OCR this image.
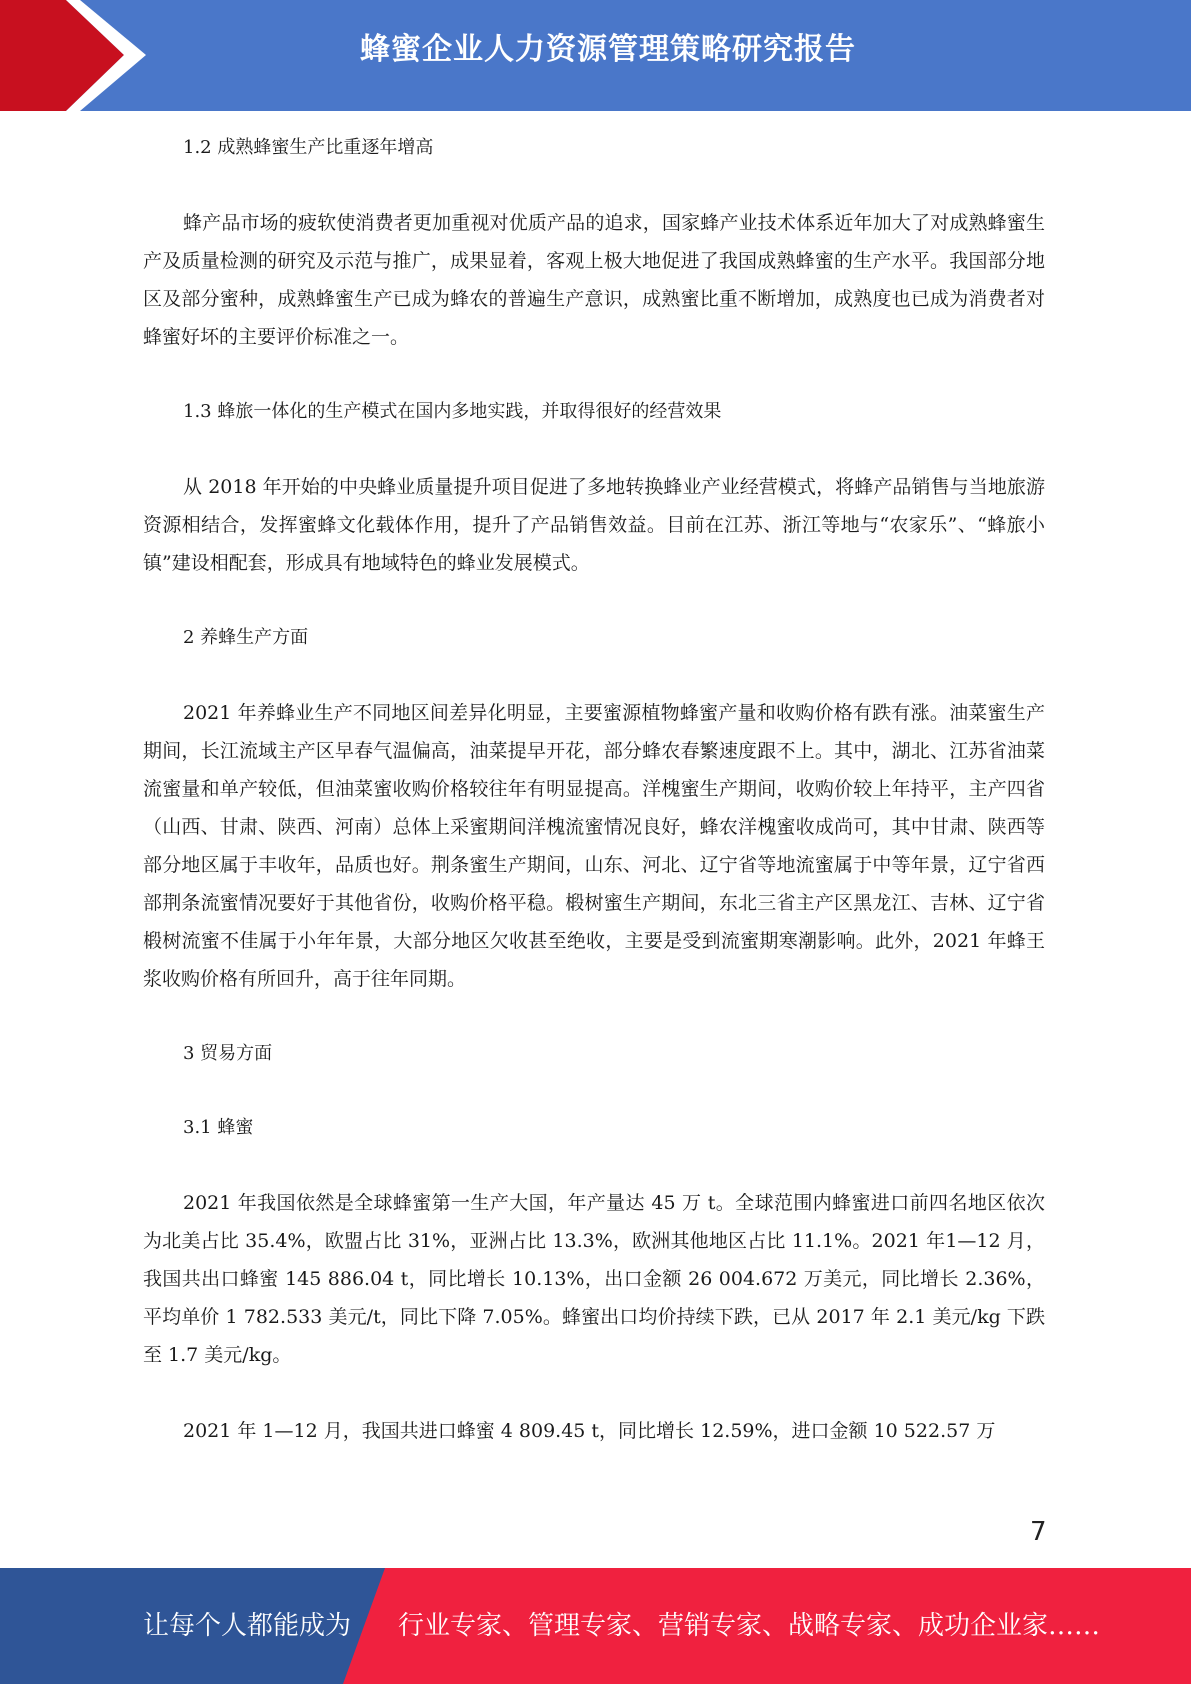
蜂蜜企业人力资源管理策略研究报告
1.2 成熟蜂蜜生产比重逐年增高

蜂产品市场的疲软使消费者更加重视对优质产品的追求，国家蜂产业技术体系近年加大了对成熟蜂蜜生产及质量检测的研究及示范与推广，成果显着，客观上极大地促进了我国成熟蜂蜜的生产水平。我国部分地区及部分蜜种，成熟蜂蜜生产已成为蜂农的普遍生产意识，成熟蜜比重不断增加，成熟度也已成为消费者对蜂蜜好坏的主要评价标准之一。

1.3 蜂旅一体化的生产模式在国内多地实践，并取得很好的经营效果

从 2018 年开始的中央蜂业质量提升项目促进了多地转换蜂业产业经营模式，将蜂产品销售与当地旅游资源相结合，发挥蜜蜂文化载体作用，提升了产品销售效益。目前在江苏、浙江等地与“农家乐”、“蜂旅小镇”建设相配套，形成具有地域特色的蜂业发展模式。

2 养蜂生产方面

2021 年养蜂业生产不同地区间差异化明显，主要蜜源植物蜂蜜产量和收购价格有跌有涨。油菜蜜生产期间，长江流域主产区早春气温偏高，油菜提早开花，部分蜂农春繁速度跟不上。其中，湖北、江苏省油菜流蜜量和单产较低，但油菜蜜收购价格较往年有明显提高。洋槐蜜生产期间，收购价较上年持平，主产四省（山西、甘肃、陕西、河南）总体上采蜜期间洋槐流蜜情况良好，蜂农洋槐蜜收成尚可，其中甘肃、陕西等部分地区属于丰收年，品质也好。荆条蜜生产期间，山东、河北、辽宁省等地流蜜属于中等年景，辽宁省西部荆条流蜜情况要好于其他省份，收购价格平稳。椴树蜜生产期间，东北三省主产区黑龙江、吉林、辽宁省椴树流蜜不佳属于小年年景，大部分地区欠收甚至绝收，主要是受到流蜜期寒潮影响。此外，2021 年蜂王浆收购价格有所回升，高于往年同期。

3 贸易方面
3.1 蜂蜜

2021 年我国依然是全球蜂蜜第一生产大国，年产量达 45 万 t。全球范围内蜂蜜进口前四名地区依次为北美占比 35.4%，欧盟占比 31%，亚洲占比 13.3%，欧洲其他地区占比 11.1%。2021 年1—12 月，我国共出口蜂蜜 145 886.04 t，同比增长 10.13%，出口金额 26 004.672 万美元，同比增长 2.36%，平均单价 1 782.533 美元/t，同比下降 7.05%。蜂蜜出口均价持续下跌，已从 2017 年 2.1 美元/kg 下跌至 1.7 美元/kg。

2021 年 1—12 月，我国共进口蜂蜜 4 809.45 t，同比增长 12.59%，进口金额 10 522.57 万

7
让每个人都能成为 行业专家、管理专家、营销专家、战略专家、成功企业家……
